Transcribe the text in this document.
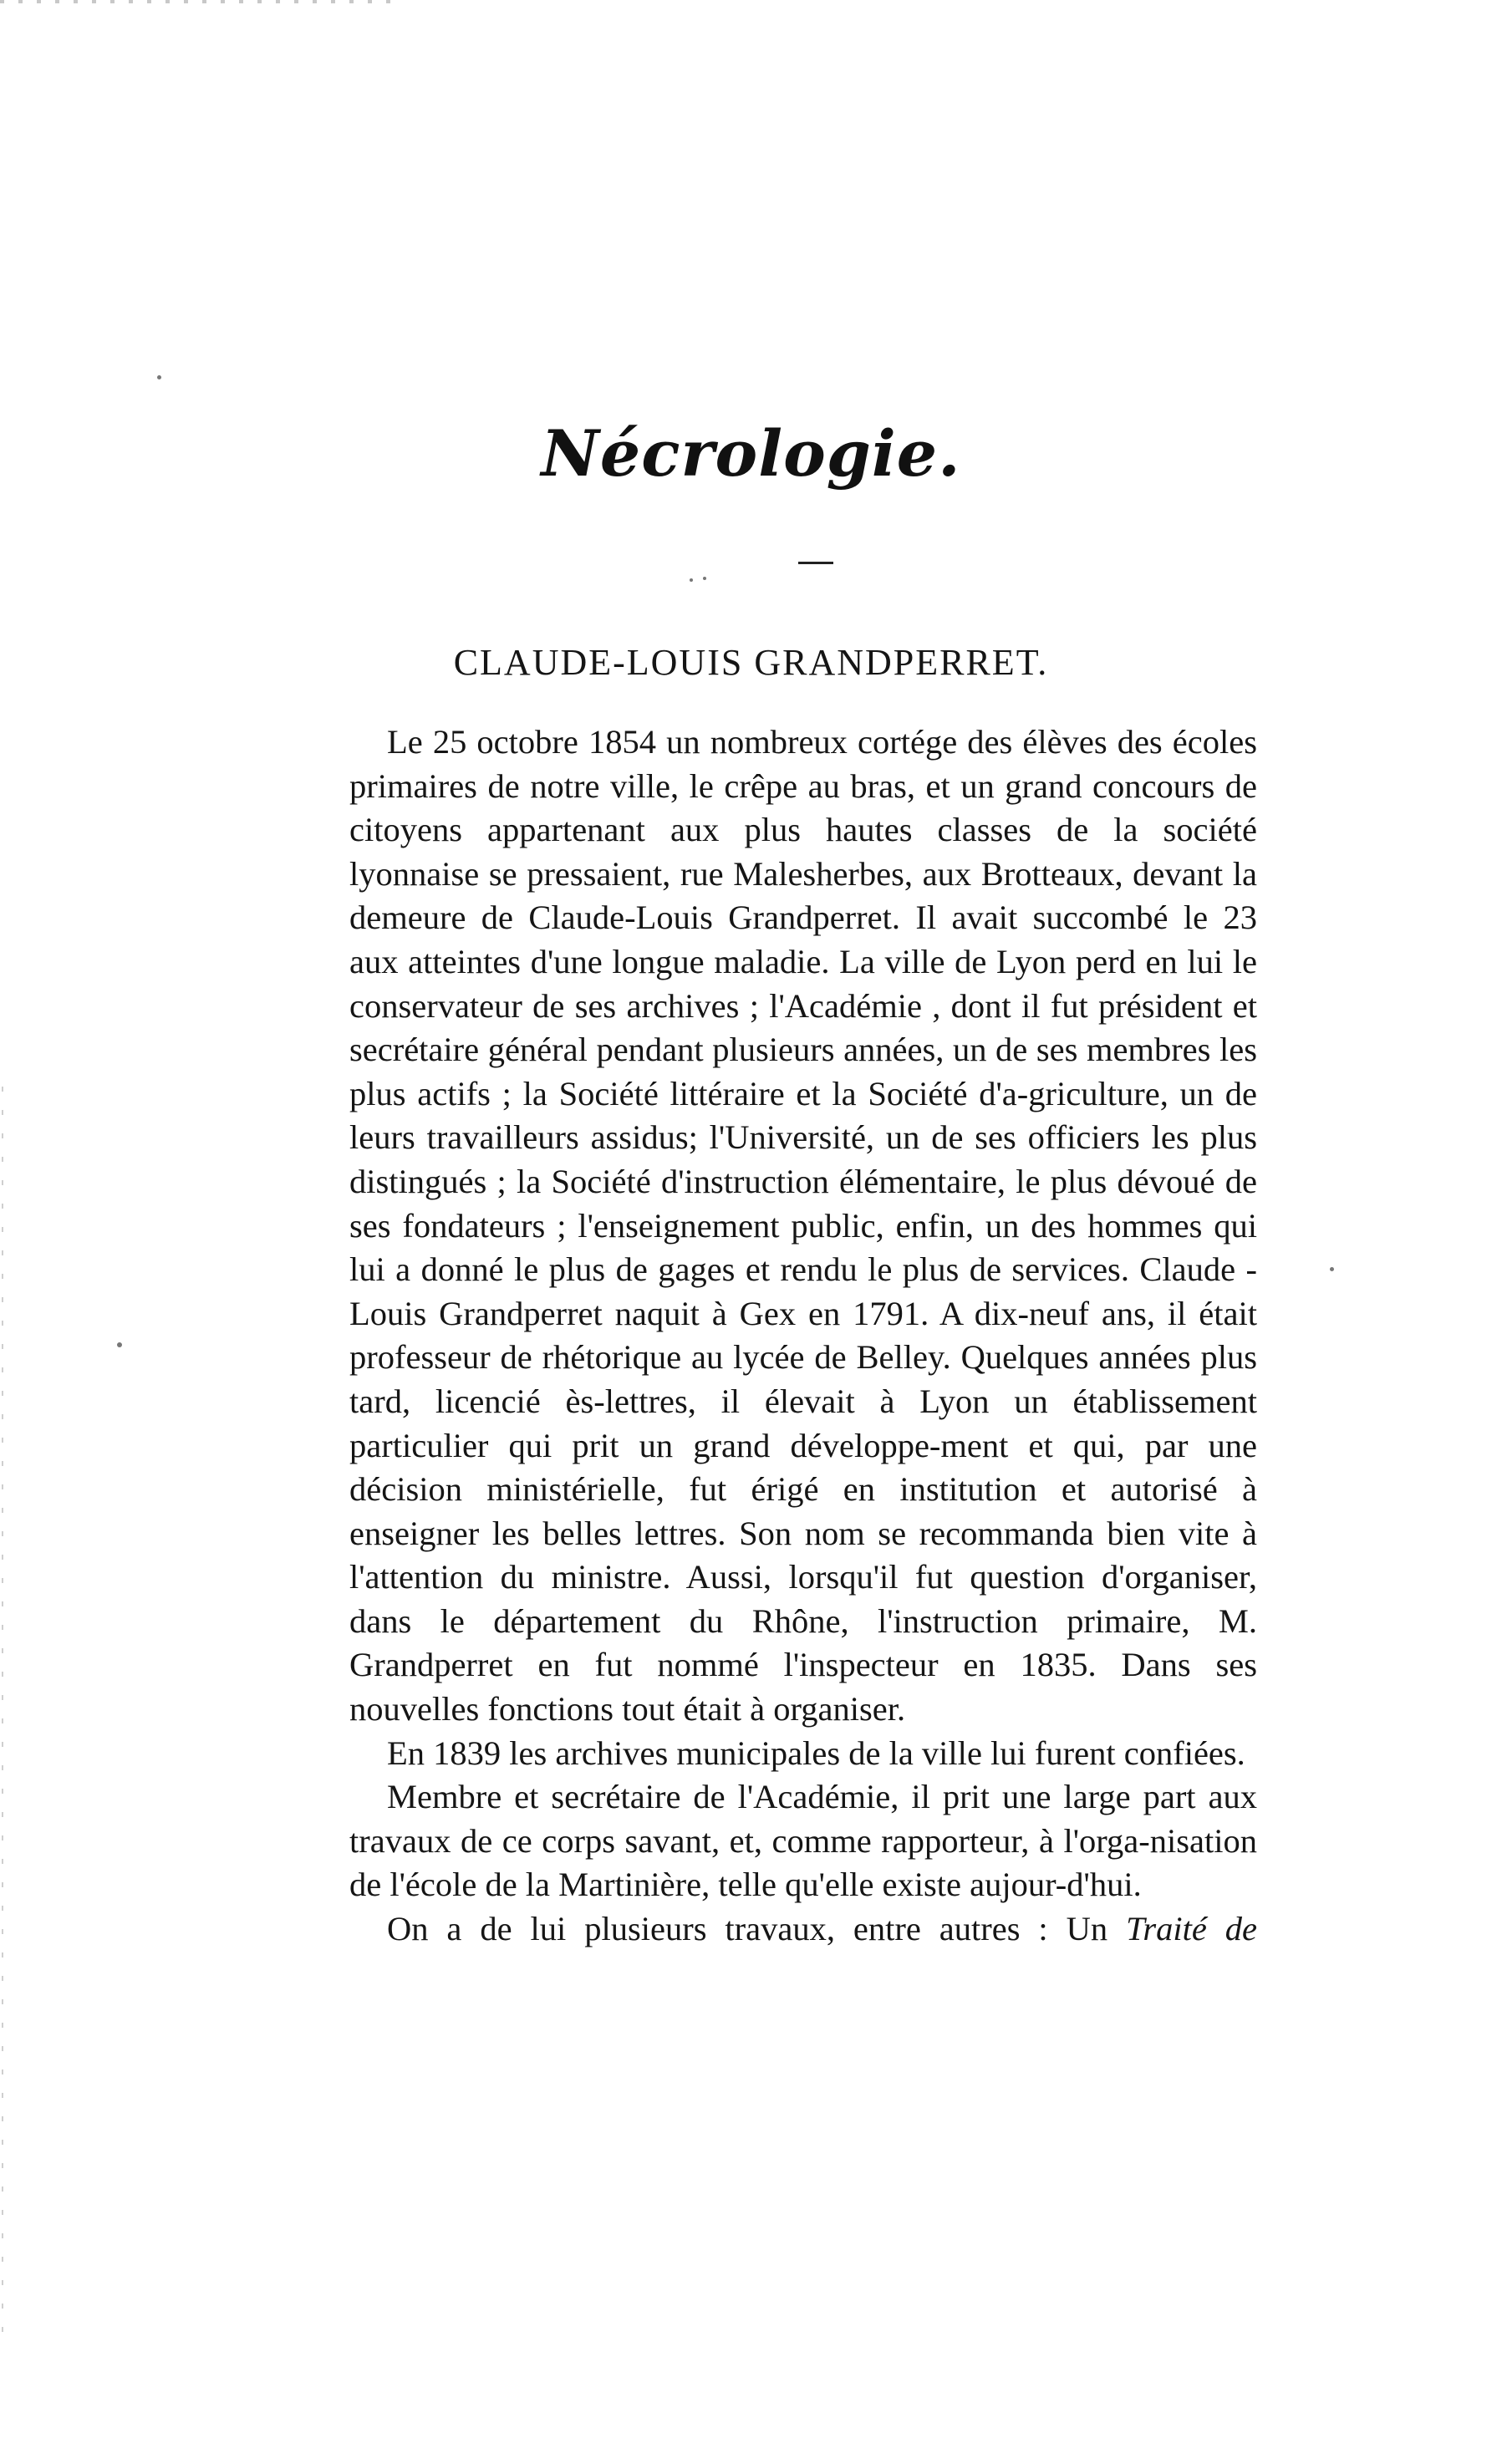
Nécrologie.
CLAUDE-LOUIS GRANDPERRET.

Le 25 octobre 1854 un nombreux cortége des élèves des écoles primaires de notre ville, le crêpe au bras, et un grand concours de citoyens appartenant aux plus hautes classes de la société lyonnaise se pressaient, rue Malesherbes, aux Brotteaux, devant la demeure de Claude-Louis Grandperret. Il avait succombé le 23 aux atteintes d'une longue maladie. La ville de Lyon perd en lui le conservateur de ses archives ; l'Académie , dont il fut président et secrétaire général pendant plusieurs années, un de ses membres les plus actifs ; la Société littéraire et la Société d'a-griculture, un de leurs travailleurs assidus; l'Université, un de ses officiers les plus distingués ; la Société d'instruction élémentaire, le plus dévoué de ses fondateurs ; l'enseignement public, enfin, un des hommes qui lui a donné le plus de gages et rendu le plus de services. Claude - Louis Grandperret naquit à Gex en 1791. A dix-neuf ans, il était professeur de rhétorique au lycée de Belley. Quelques années plus tard, licencié ès-lettres, il élevait à Lyon un établissement particulier qui prit un grand développe-ment et qui, par une décision ministérielle, fut érigé en institution et autorisé à enseigner les belles lettres. Son nom se recommanda bien vite à l'attention du ministre. Aussi, lorsqu'il fut question d'organiser, dans le département du Rhône, l'instruction primaire, M. Grandperret en fut nommé l'inspecteur en 1835. Dans ses nouvelles fonctions tout était à organiser.

En 1839 les archives municipales de la ville lui furent confiées.

Membre et secrétaire de l'Académie, il prit une large part aux travaux de ce corps savant, et, comme rapporteur, à l'orga-nisation de l'école de la Martinière, telle qu'elle existe aujour-d'hui.

On a de lui plusieurs travaux, entre autres : Un Traité de
